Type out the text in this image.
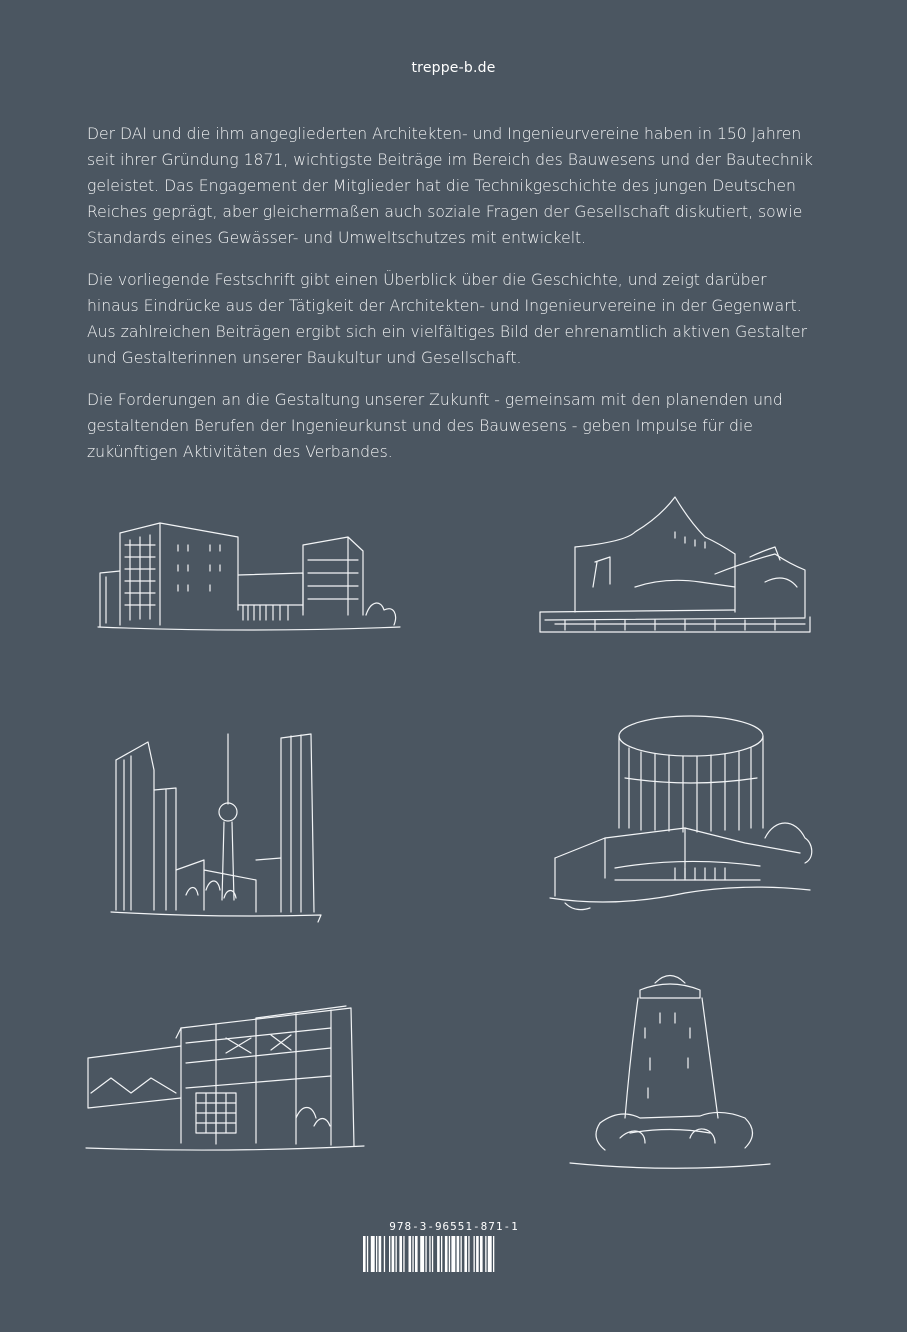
treppe-b.de

Der DAI und die ihm angegliederten Architekten- und Ingenieurvereine haben in 150 Jahren seit ihrer Gründung 1871, wichtigste Beiträge im Bereich des Bauwesens und der Bautechnik geleistet. Das Engagement der Mitglieder hat die Technikgeschichte des jungen Deutschen Reiches geprägt, aber gleichermaßen auch soziale Fragen der Gesellschaft diskutiert, sowie Standards eines Gewässer- und Umweltschutzes mit entwickelt.

Die vorliegende Festschrift gibt einen Überblick über die Geschichte, und zeigt darüber hinaus Eindrücke aus der Tätigkeit der Architekten- und Ingenieurvereine in der Gegenwart. Aus zahlreichen Beiträgen ergibt sich ein vielfältiges Bild der ehrenamtlich aktiven Gestalter und Gestalterinnen unserer Baukultur und Gesellschaft.

Die Forderungen an die Gestaltung unserer Zukunft - gemeinsam mit den planenden und gestaltenden Berufen der Ingenieurkunst und des Bauwesens - geben Impulse für die zukünftigen Aktivitäten des Verbandes.

978-3-96551-871-1
